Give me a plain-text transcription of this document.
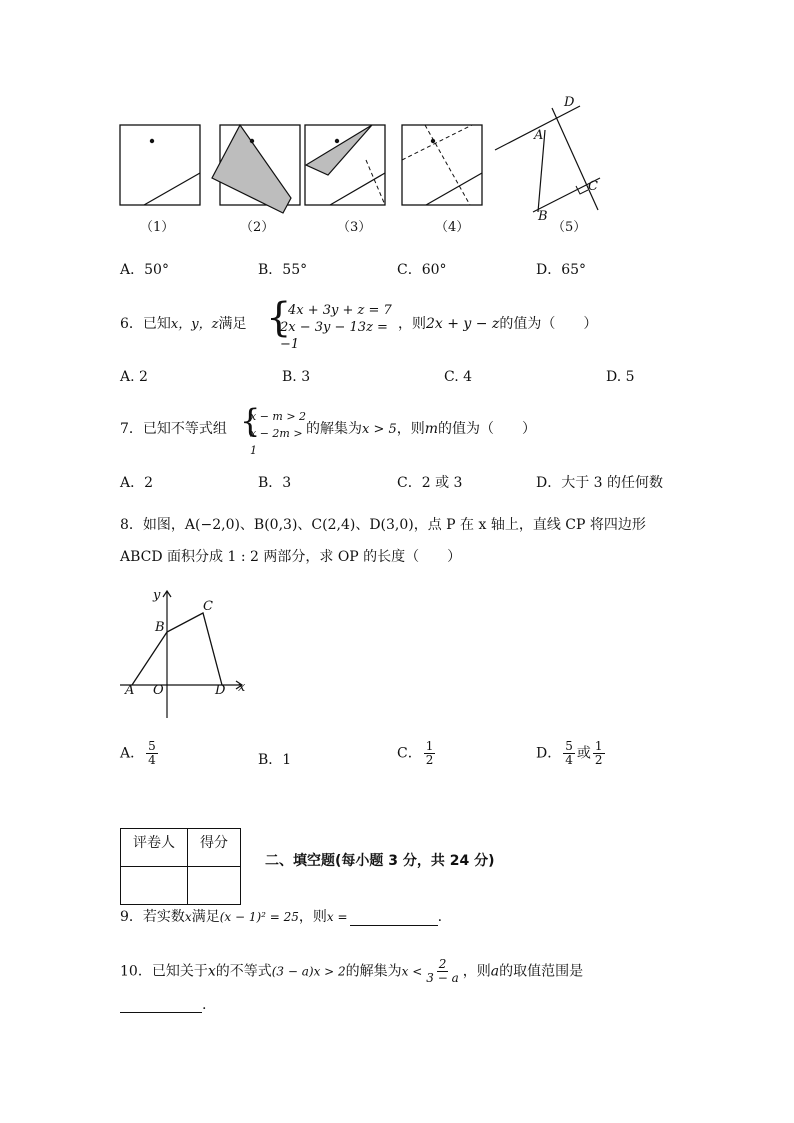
D
A
C
B
（1）	（2）	（3）	（4）	（5）
A．50°	B．55°	C．60°	D．65°
6．已知x，y，z满足 {
4x + 3y + z = 7
2x − 3y − 13z = −1
，则2x + y − z的值为（　　）
A. 2	B. 3	C. 4	D. 5
7．已知不等式组 {
x − m > 2
x − 2m > 1
的解集为x > 5，则m的值为（　　）
A．2	B．3	C．2 或 3	D．大于 3 的任何数
8．如图，A(−2,0)、B(0,3)、C(2,4)、D(3,0)，点 P 在 x 轴上，直线 CP 将四边形
ABCD 面积分成 1 : 2 两部分，求 OP 的长度（　　）
y
C
B
A O	D x
A． $\frac{5}{4}$	B．1	C． $\frac{1}{2}$	D． $\frac{5}{4}$ 或 $\frac{1}{2}$
评卷人	得分

二、填空题(每小题 3 分，共 24 分)
9．若实数x满足(x − 1)² = 25，则x =	.
10．已知关于x的不等式(3 − a)x > 2的解集为$x < \frac{2}{3 - a}$ ，则a的取值范围是
.
